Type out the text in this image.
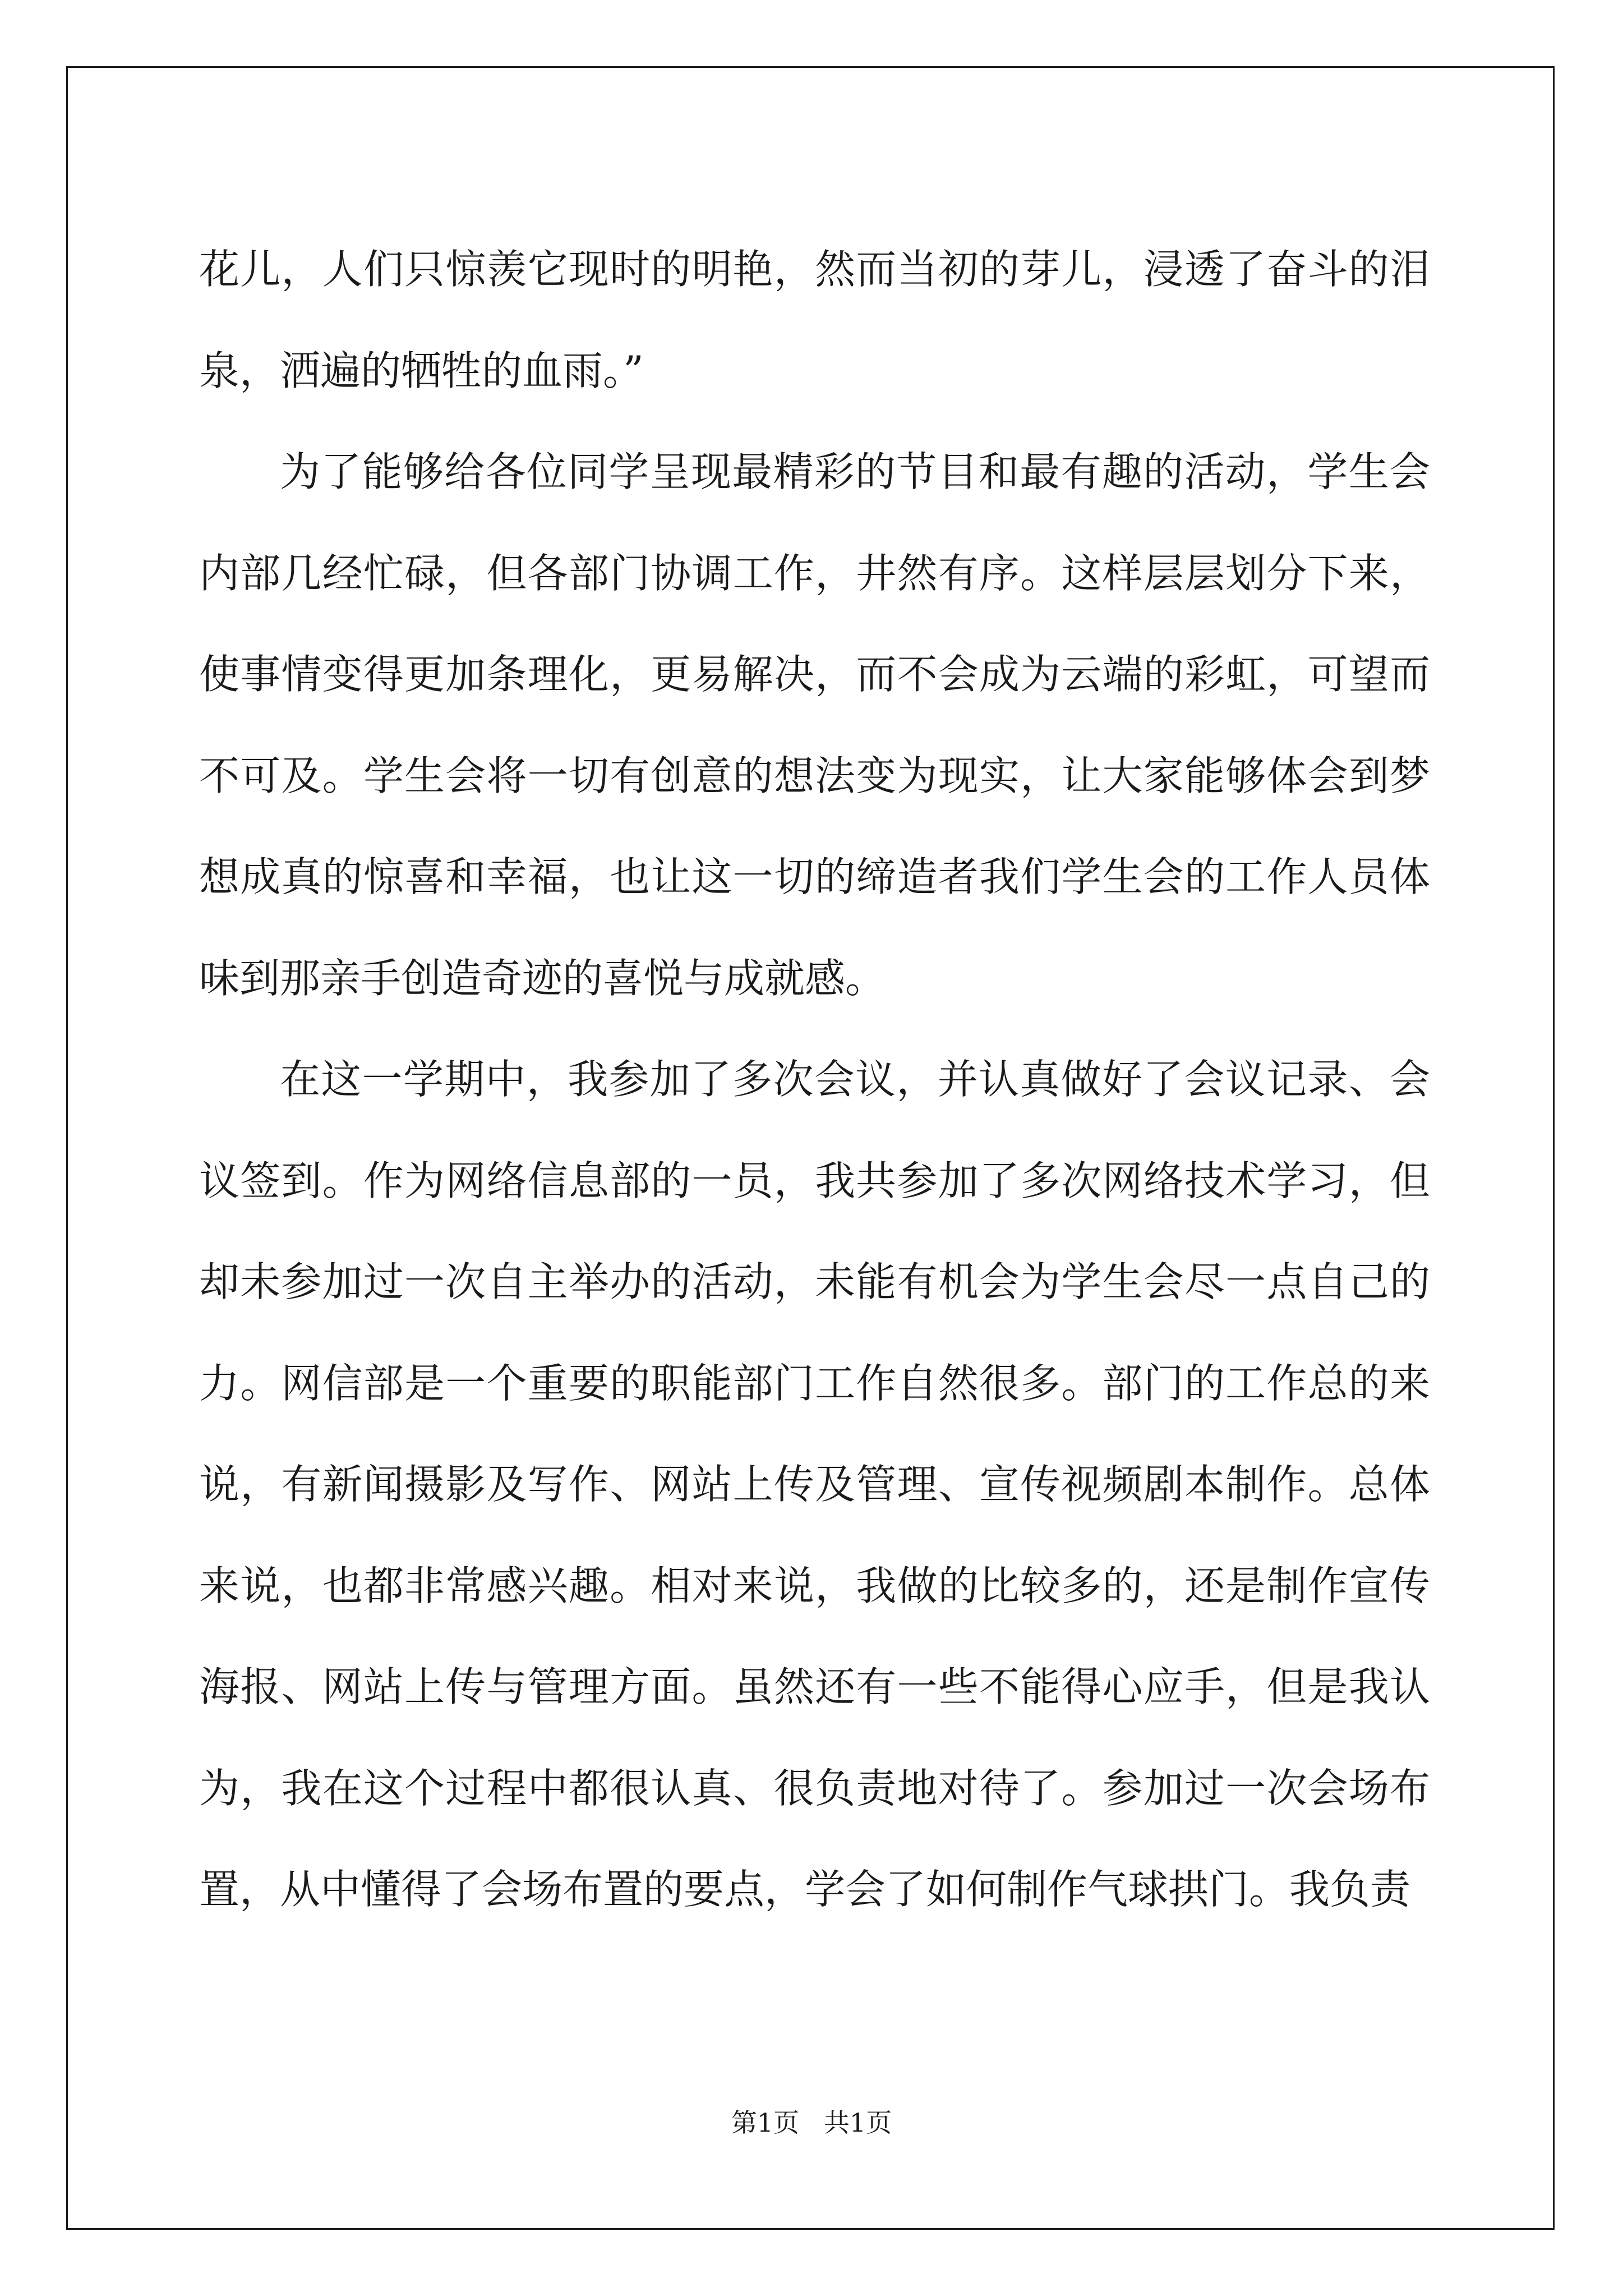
花儿，人们只惊羡它现时的明艳，然而当初的芽儿，浸透了奋斗的泪泉，洒遍的牺牲的血雨。”

为了能够给各位同学呈现最精彩的节目和最有趣的活动，学生会内部几经忙碌，但各部门协调工作，井然有序。这样层层划分下来，使事情变得更加条理化，更易解决，而不会成为云端的彩虹，可望而不可及。学生会将一切有创意的想法变为现实，让大家能够体会到梦想成真的惊喜和幸福，也让这一切的缔造者我们学生会的工作人员体味到那亲手创造奇迹的喜悦与成就感。

在这一学期中，我参加了多次会议，并认真做好了会议记录、会议签到。作为网络信息部的一员，我共参加了多次网络技术学习，但却未参加过一次自主举办的活动，未能有机会为学生会尽一点自己的力。网信部是一个重要的职能部门工作自然很多。部门的工作总的来说，有新闻摄影及写作、网站上传及管理、宣传视频剧本制作。总体来说，也都非常感兴趣。相对来说，我做的比较多的，还是制作宣传海报、网站上传与管理方面。虽然还有一些不能得心应手，但是我认为，我在这个过程中都很认真、很负责地对待了。参加过一次会场布置，从中懂得了会场布置的要点，学会了如何制作气球拱门。我负责

第1页   共1页
